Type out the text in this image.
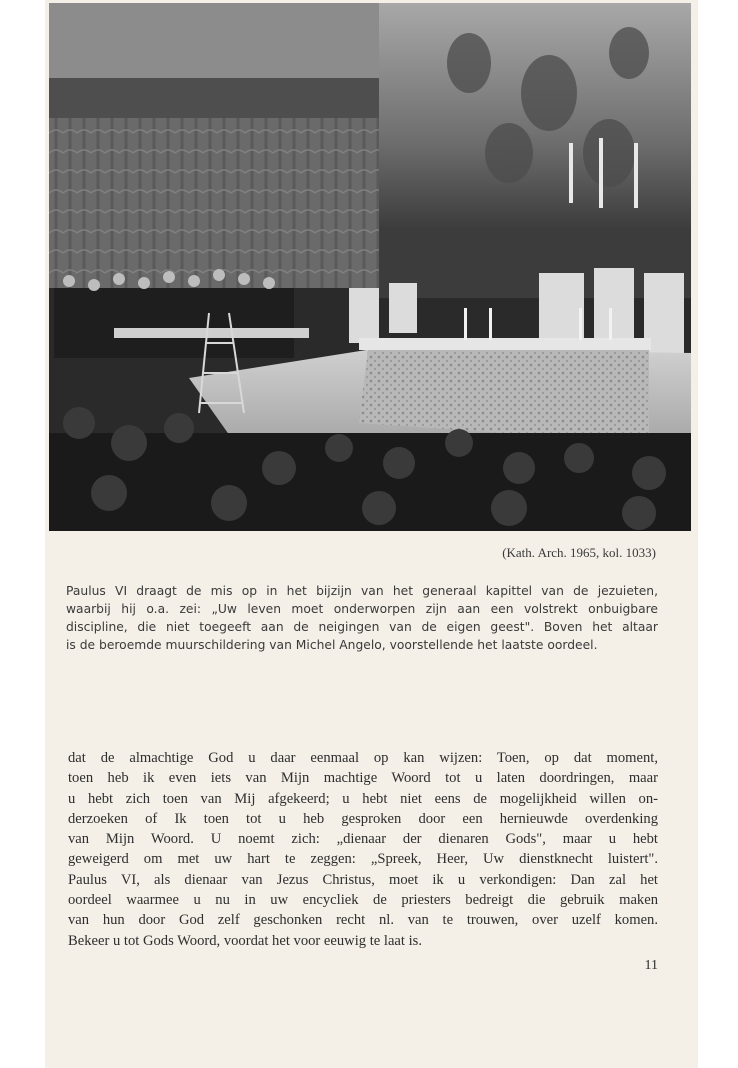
(Kath. Arch. 1965, kol. 1033)
Paulus VI draagt de mis op in het bijzijn van het generaal kapittel van de jezuieten,
waarbij hij o.a. zei: „Uw leven moet onderworpen zijn aan een volstrekt onbuigbare
discipline, die niet toegeeft aan de neigingen van de eigen geest". Boven het altaar
is de beroemde muurschildering van Michel Angelo, voorstellende het laatste oordeel.
dat de almachtige God u daar eenmaal op kan wijzen: Toen, op dat moment,
toen heb ik even iets van Mijn machtige Woord tot u laten doordringen, maar
u hebt zich toen van Mij afgekeerd; u hebt niet eens de mogelijkheid willen on-
derzoeken of Ik toen tot u heb gesproken door een hernieuwde overdenking
van Mijn Woord. U noemt zich: „dienaar der dienaren Gods", maar u hebt
geweigerd om met uw hart te zeggen: „Spreek, Heer, Uw dienstknecht luistert".
Paulus VI, als dienaar van Jezus Christus, moet ik u verkondigen: Dan zal het
oordeel waarmee u nu in uw encycliek de priesters bedreigt die gebruik maken
van hun door God zelf geschonken recht nl. van te trouwen, over uzelf komen.
Bekeer u tot Gods Woord, voordat het voor eeuwig te laat is.
11
